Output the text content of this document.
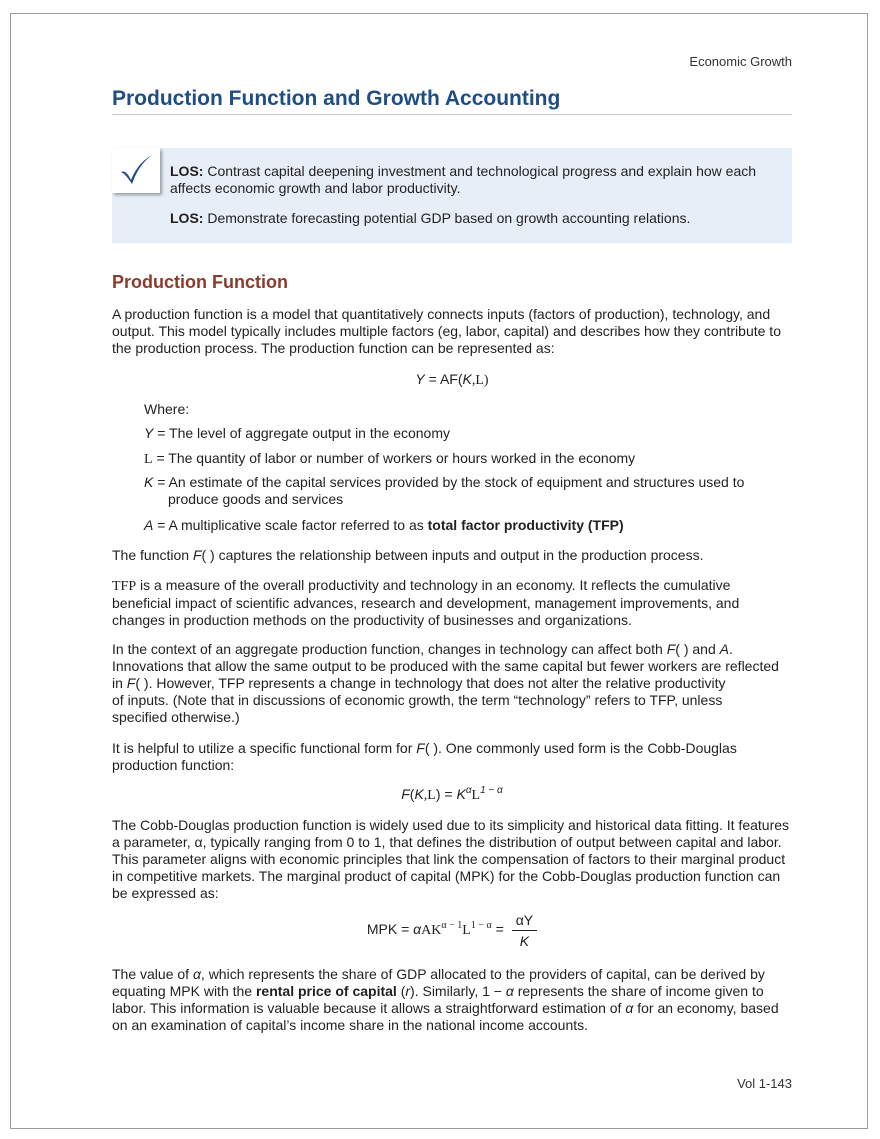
Economic Growth
Production Function and Growth Accounting
LOS: Contrast capital deepening investment and technological progress and explain how each affects economic growth and labor productivity.
LOS: Demonstrate forecasting potential GDP based on growth accounting relations.
Production Function

A production function is a model that quantitatively connects inputs (factors of production), technology, and output. This model typically includes multiple factors (eg, labor, capital) and describes how they contribute to the production process. The production function can be represented as:

Y = AF(K,L)
Where:
Y = The level of aggregate output in the economy
L = The quantity of labor or number of workers or hours worked in the economy
K = An estimate of the capital services provided by the stock of equipment and structures used to
produce goods and services
A = A multiplicative scale factor referred to as total factor productivity (TFP)

The function F( ) captures the relationship between inputs and output in the production process.

TFP is a measure of the overall productivity and technology in an economy. It reflects the cumulative beneficial impact of scientific advances, research and development, management improvements, and changes in production methods on the productivity of businesses and organizations.

In the context of an aggregate production function, changes in technology can affect both F( ) and A.
Innovations that allow the same output to be produced with the same capital but fewer workers are reflected
in F( ). However, TFP represents a change in technology that does not alter the relative productivity
of inputs. (Note that in discussions of economic growth, the term “technology” refers to TFP, unless
specified otherwise.)

It is helpful to utilize a specific functional form for F( ). One commonly used form is the Cobb-Douglas production function:

$F(K,L) = K^\alpha L^{1 - \alpha}$

The Cobb-Douglas production function is widely used due to its simplicity and historical data fitting. It features a parameter, α, typically ranging from 0 to 1, that defines the distribution of output between capital and labor. This parameter aligns with economic principles that link the compensation of factors to their marginal product in competitive markets. The marginal product of capital (MPK) for the Cobb-Douglas production function can be expressed as:

MPK = $\alpha AK^{\alpha - 1}L^{1 - \alpha} = \frac{\alpha Y}{K}$

The value of α, which represents the share of GDP allocated to the providers of capital, can be derived by equating MPK with the rental price of capital (r). Similarly, 1 − α represents the share of income given to labor. This information is valuable because it allows a straightforward estimation of α for an economy, based on an examination of capital’s income share in the national income accounts.

Vol 1-143
